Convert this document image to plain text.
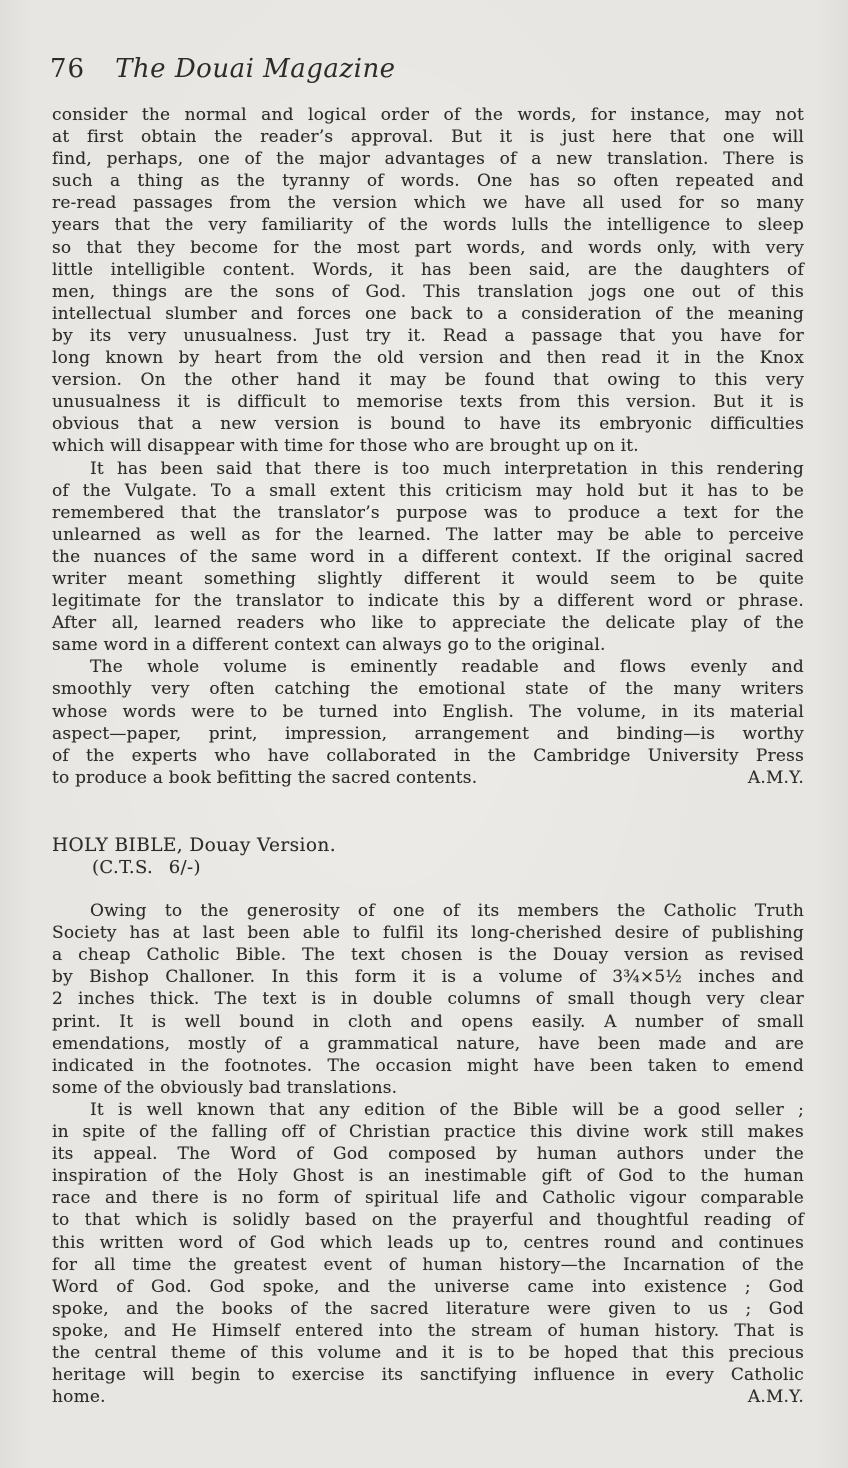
76 The Douai Magazine
consider the normal and logical order of the words, for instance, may not
at first obtain the reader’s approval. But it is just here that one will
find, perhaps, one of the major advantages of a new translation. There is
such a thing as the tyranny of words. One has so often repeated and
re-read passages from the version which we have all used for so many
years that the very familiarity of the words lulls the intelligence to sleep
so that they become for the most part words, and words only, with very
little intelligible content. Words, it has been said, are the daughters of
men, things are the sons of God. This translation jogs one out of this
intellectual slumber and forces one back to a consideration of the meaning
by its very unusualness. Just try it. Read a passage that you have for
long known by heart from the old version and then read it in the Knox
version. On the other hand it may be found that owing to this very
unusualness it is difficult to memorise texts from this version. But it is
obvious that a new version is bound to have its embryonic difficulties
which will disappear with time for those who are brought up on it.
It has been said that there is too much interpretation in this rendering
of the Vulgate. To a small extent this criticism may hold but it has to be
remembered that the translator’s purpose was to produce a text for the
unlearned as well as for the learned. The latter may be able to perceive
the nuances of the same word in a different context. If the original sacred
writer meant something slightly different it would seem to be quite
legitimate for the translator to indicate this by a different word or phrase.
After all, learned readers who like to appreciate the delicate play of the
same word in a different context can always go to the original.
The whole volume is eminently readable and flows evenly and
smoothly very often catching the emotional state of the many writers
whose words were to be turned into English. The volume, in its material
aspect—paper, print, impression, arrangement and binding—is worthy
of the experts who have collaborated in the Cambridge University Press
to produce a book befitting the sacred contents.	A.M.Y.
HOLY BIBLE, Douay Version.
(C.T.S.  6/-)
Owing to the generosity of one of its members the Catholic Truth
Society has at last been able to fulfil its long-cherished desire of publishing
a cheap Catholic Bible. The text chosen is the Douay version as revised
by Bishop Challoner. In this form it is a volume of 3¾×5½ inches and
2 inches thick. The text is in double columns of small though very clear
print. It is well bound in cloth and opens easily. A number of small
emendations, mostly of a grammatical nature, have been made and are
indicated in the footnotes. The occasion might have been taken to emend
some of the obviously bad translations.
It is well known that any edition of the Bible will be a good seller ;
in spite of the falling off of Christian practice this divine work still makes
its appeal. The Word of God composed by human authors under the
inspiration of the Holy Ghost is an inestimable gift of God to the human
race and there is no form of spiritual life and Catholic vigour comparable
to that which is solidly based on the prayerful and thoughtful reading of
this written word of God which leads up to, centres round and continues
for all time the greatest event of human history—the Incarnation of the
Word of God. God spoke, and the universe came into existence ; God
spoke, and the books of the sacred literature were given to us ; God
spoke, and He Himself entered into the stream of human history. That is
the central theme of this volume and it is to be hoped that this precious
heritage will begin to exercise its sanctifying influence in every Catholic
home.	A.M.Y.
